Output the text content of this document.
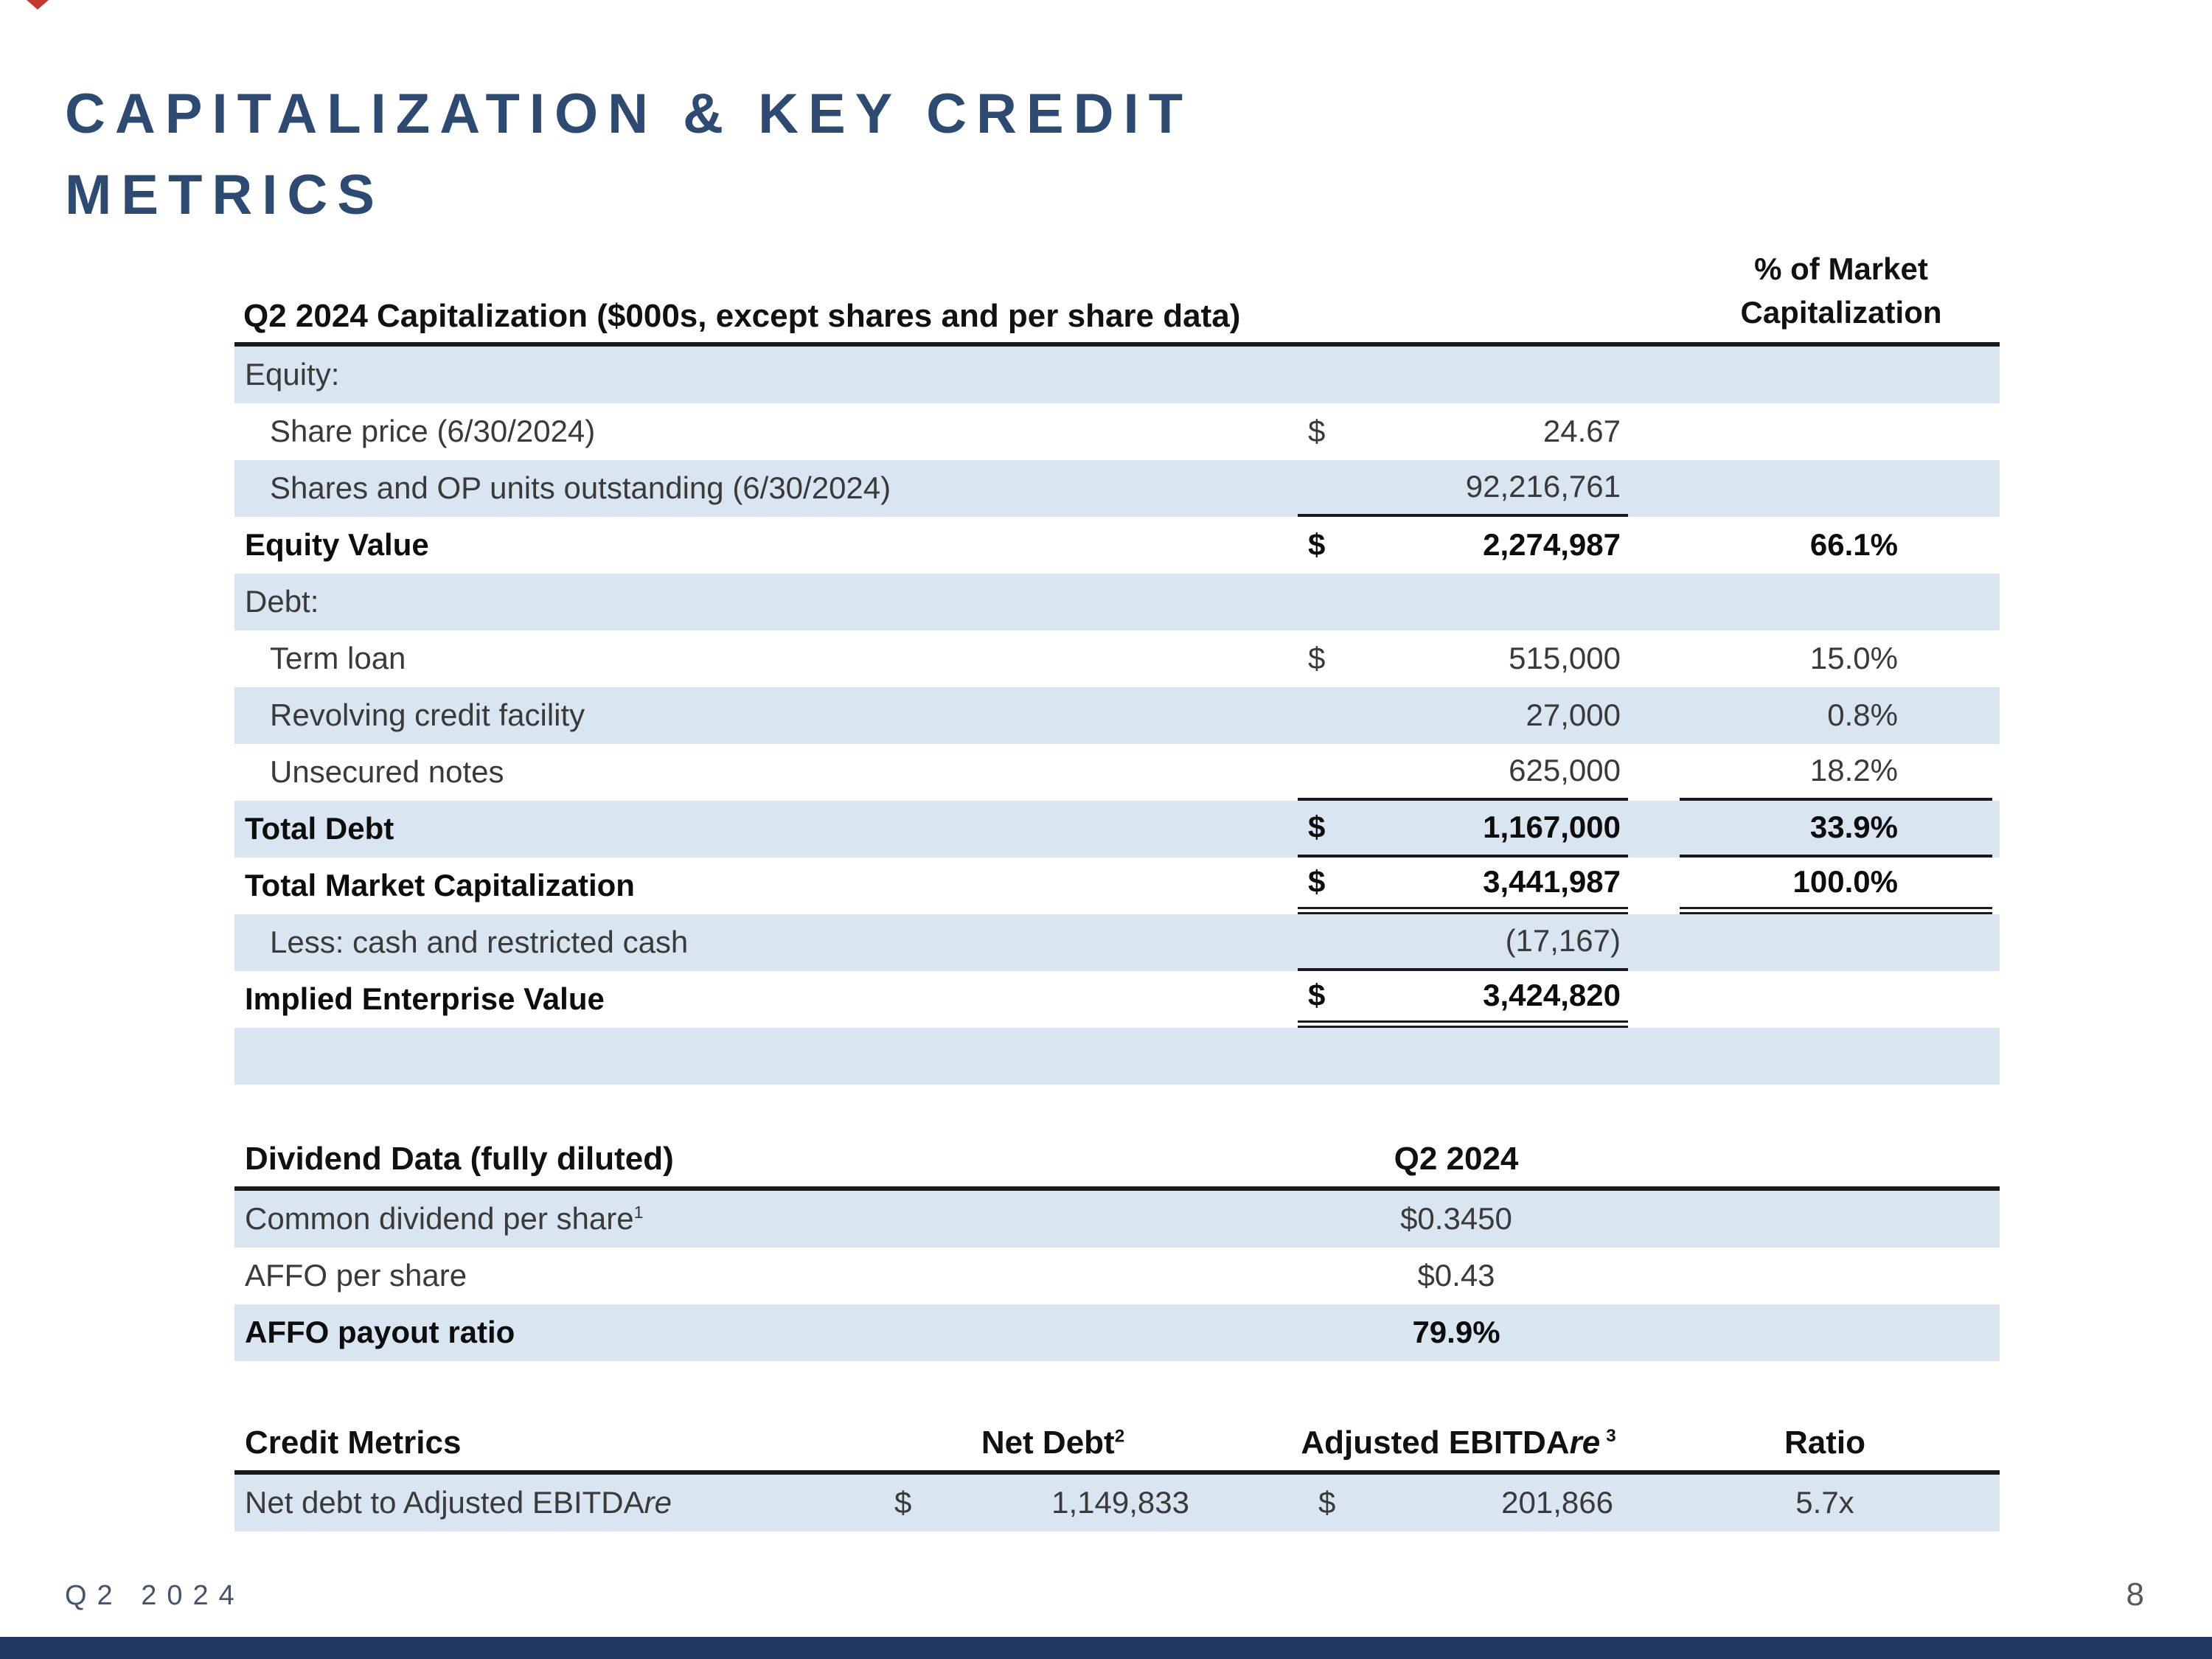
CAPITALIZATION & KEY CREDIT
METRICS
Q2 2024 Capitalization ($000s, except shares and per share data)
% of Market
Capitalization
Equity:
Share price (6/30/2024)	$	24.67
Shares and OP units outstanding (6/30/2024)	92,216,761
Equity Value	$	2,274,987	66.1%
Debt:
Term loan	$	515,000	15.0%
Revolving credit facility	27,000	0.8%
Unsecured notes	625,000	18.2%
Total Debt	$	1,167,000	33.9%
Total Market Capitalization	$	3,441,987	100.0%
Less: cash and restricted cash	(17,167)
Implied Enterprise Value	$	3,424,820
Dividend Data (fully diluted)	Q2 2024
Common dividend per share$^1$	$0.3450
AFFO per share	$0.43
AFFO payout ratio	79.9%
Credit Metrics	Net Debt$^2$	Adjusted EBITDAre $^3$	Ratio
Net debt to Adjusted EBITDAre	$	1,149,833	$	201,866	5.7x
Q2 2024	8
